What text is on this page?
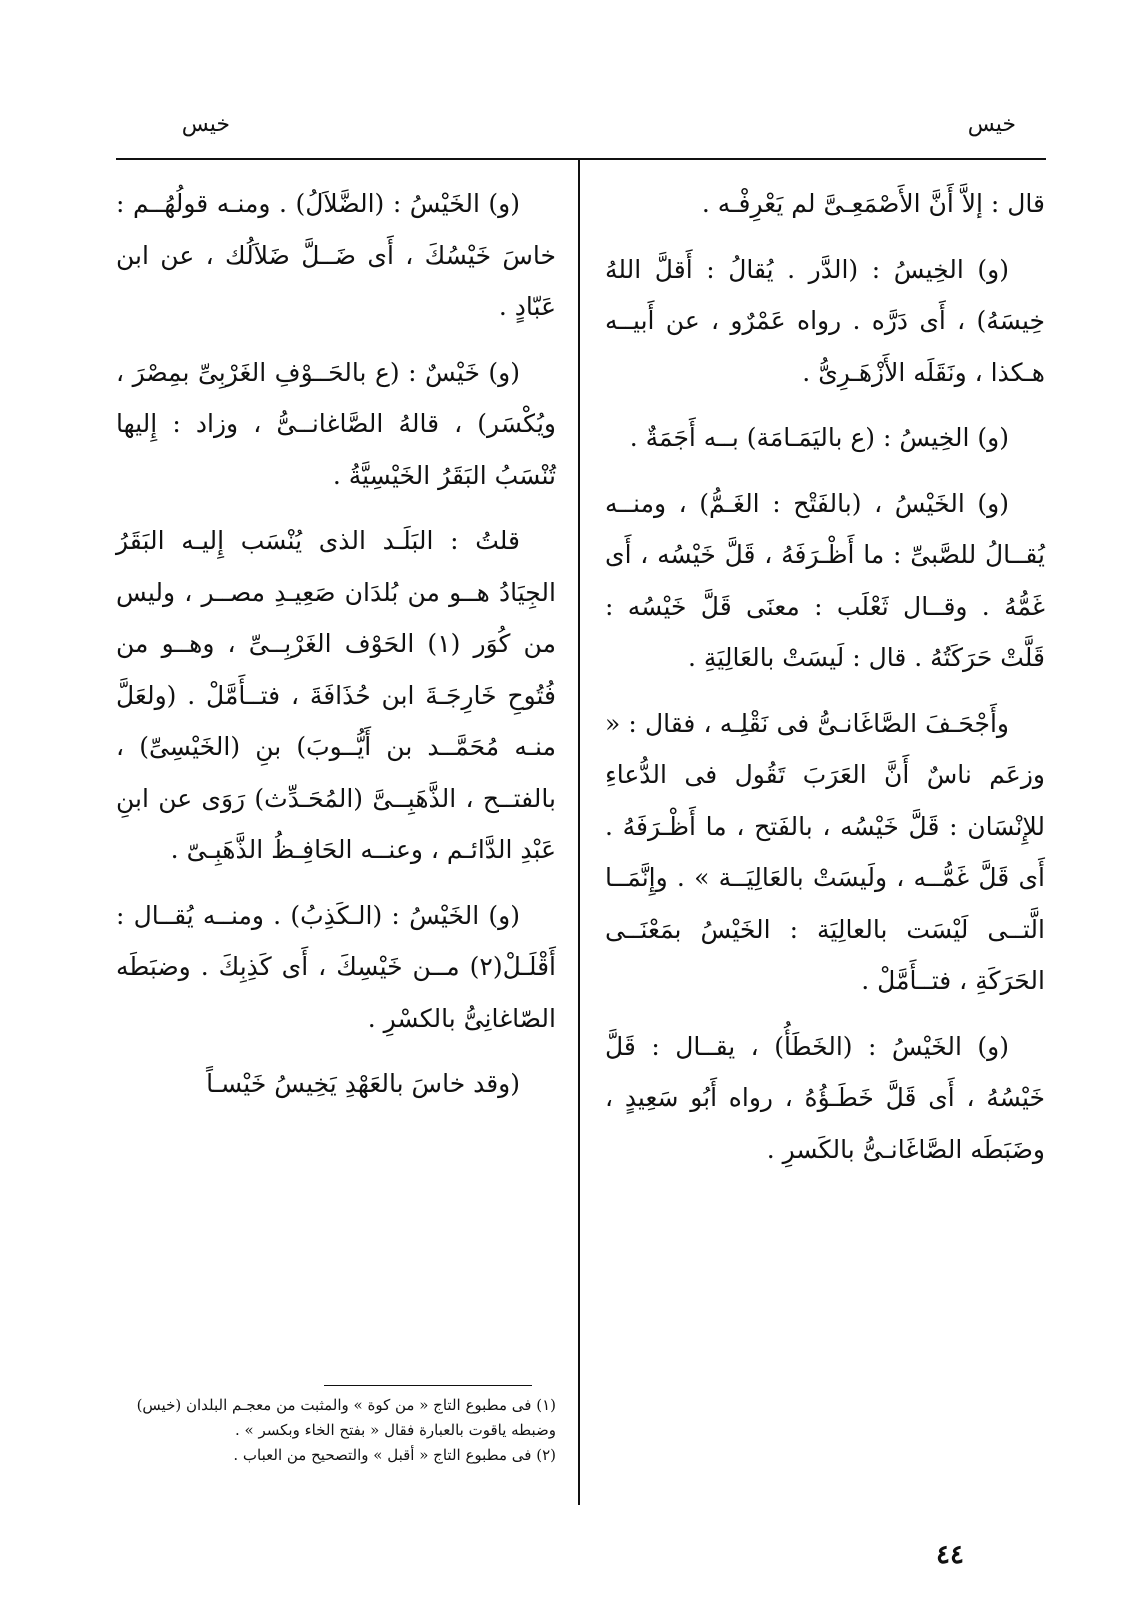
خيس
خيس

قال : إلاَّ أَنَّ الأَصْمَعِـىَّ لم يَعْرِفْـه .

(و) الخِيسُ : (الدَّر . يُقالُ : أَقلَّ اللهُ خِيسَهُ) ، أَى دَرَّه . رواه عَمْرٌو ، عن أَبيــه هـكذا ، ونَقَلَه الأَزْهَـرِىُّ .

(و) الخِيسُ : (ع باليَمَـامَة) بــه أَجَمَةٌ .

(و) الخَيْسُ ، (بالفَتْح : الغَـمُّ) ، ومنــه يُقــالُ للصَّبىِّ : ما أَظْـرَفَهُ ، قَلَّ خَيْسُه ، أَى غَمُّهُ . وقــال ثَعْلَب : معنَى قَلَّ خَيْسُه : قَلَّتْ حَرَكَتُهُ . قال : لَيسَتْ بالعَالِيَةِ .

وأَجْحَـفَ الصَّاغَانـىُّ فى نَقْلِـه ، فقال : « وزعَم ناسٌ أَنَّ العَرَبَ تَقُول فى الدُّعاءِ للإِنْسَان : قَلَّ خَيْسُه ، بالفَتح ، ما أَظْـرَفَهُ . أَى قَلَّ غَمُّــه ، ولَيسَتْ بالعَالِيَــة » . وإِنَّمَــا الَّتــى لَيْسَت بالعالِيَة : الخَيْسُ بمَعْنَــى الحَرَكَةِ ، فتــأَمَّلْ .

(و) الخَيْسُ : (الخَطَأُ) ، يقــال : قَلَّ خَيْسُهُ ، أَى قَلَّ خَطَـؤُهُ ، رواه أَبُو سَعِيدٍ ، وضَبَطَه الصَّاغَانـىُّ بالكَسرِ .

(و) الخَيْسُ : (الضَّلاَلُ) . ومنـه قولُهُــم : خاسَ خَيْسُكَ ، أَى ضَــلَّ ضَلاَلُك ، عن ابن عَبّادٍ .

(و) خَيْسٌ : (ع بالحَــوْفِ الغَرْبِىِّ بمِصْرَ ، ويُكْسَر) ، قالهُ الصَّاغانــىُّ ، وزاد : إِليها تُنْسَبُ البَقَرُ الخَيْسِيَّةُ .

قلتُ : البَلَـد الذى يُنْسَب إِليـه البَقَرُ الجِيَادُ هــو من بُلدَان صَعِيـدِ مصــر ، وليس من كُوَر (١) الحَوْف الغَرْبِــىِّ ، وهــو من فُتُوحِ خَارِجَـةَ ابن حُذَافَةَ ، فتــأَمَّلْ . (ولعَلَّ منـه مُحَمَّــد بن أَيُّــوبَ) بنِ (الخَيْسِىِّ) ، بالفتــح ، الذَّهَبِــىَّ (المُحَـدِّث) رَوَى عن ابنِ عَبْدِ الدَّائـم ، وعنــه الحَافِـظُ الذَّهَبِـىّ .

(و) الخَيْسُ : (الـكَذِبُ) . ومنــه يُقــال : أَقْلَـلْ(٢) مــن خَيْسِكَ ، أَى كَذِبِكَ . وضبَطَه الصّاغانِىُّ بالكسْرِ .

(وقد خاسَ بالعَهْدِ يَخِيسُ خَيْسـاً

(١) فى مطبوع التاج « من كوة » والمثبت من معجـم البلدان (خيس) وضبطه ياقوت بالعبارة فقال « بفتح الخاء وبكسر » .

(٢) فى مطبوع التاج « أقبل » والتصحيح من العباب .

٤٤
